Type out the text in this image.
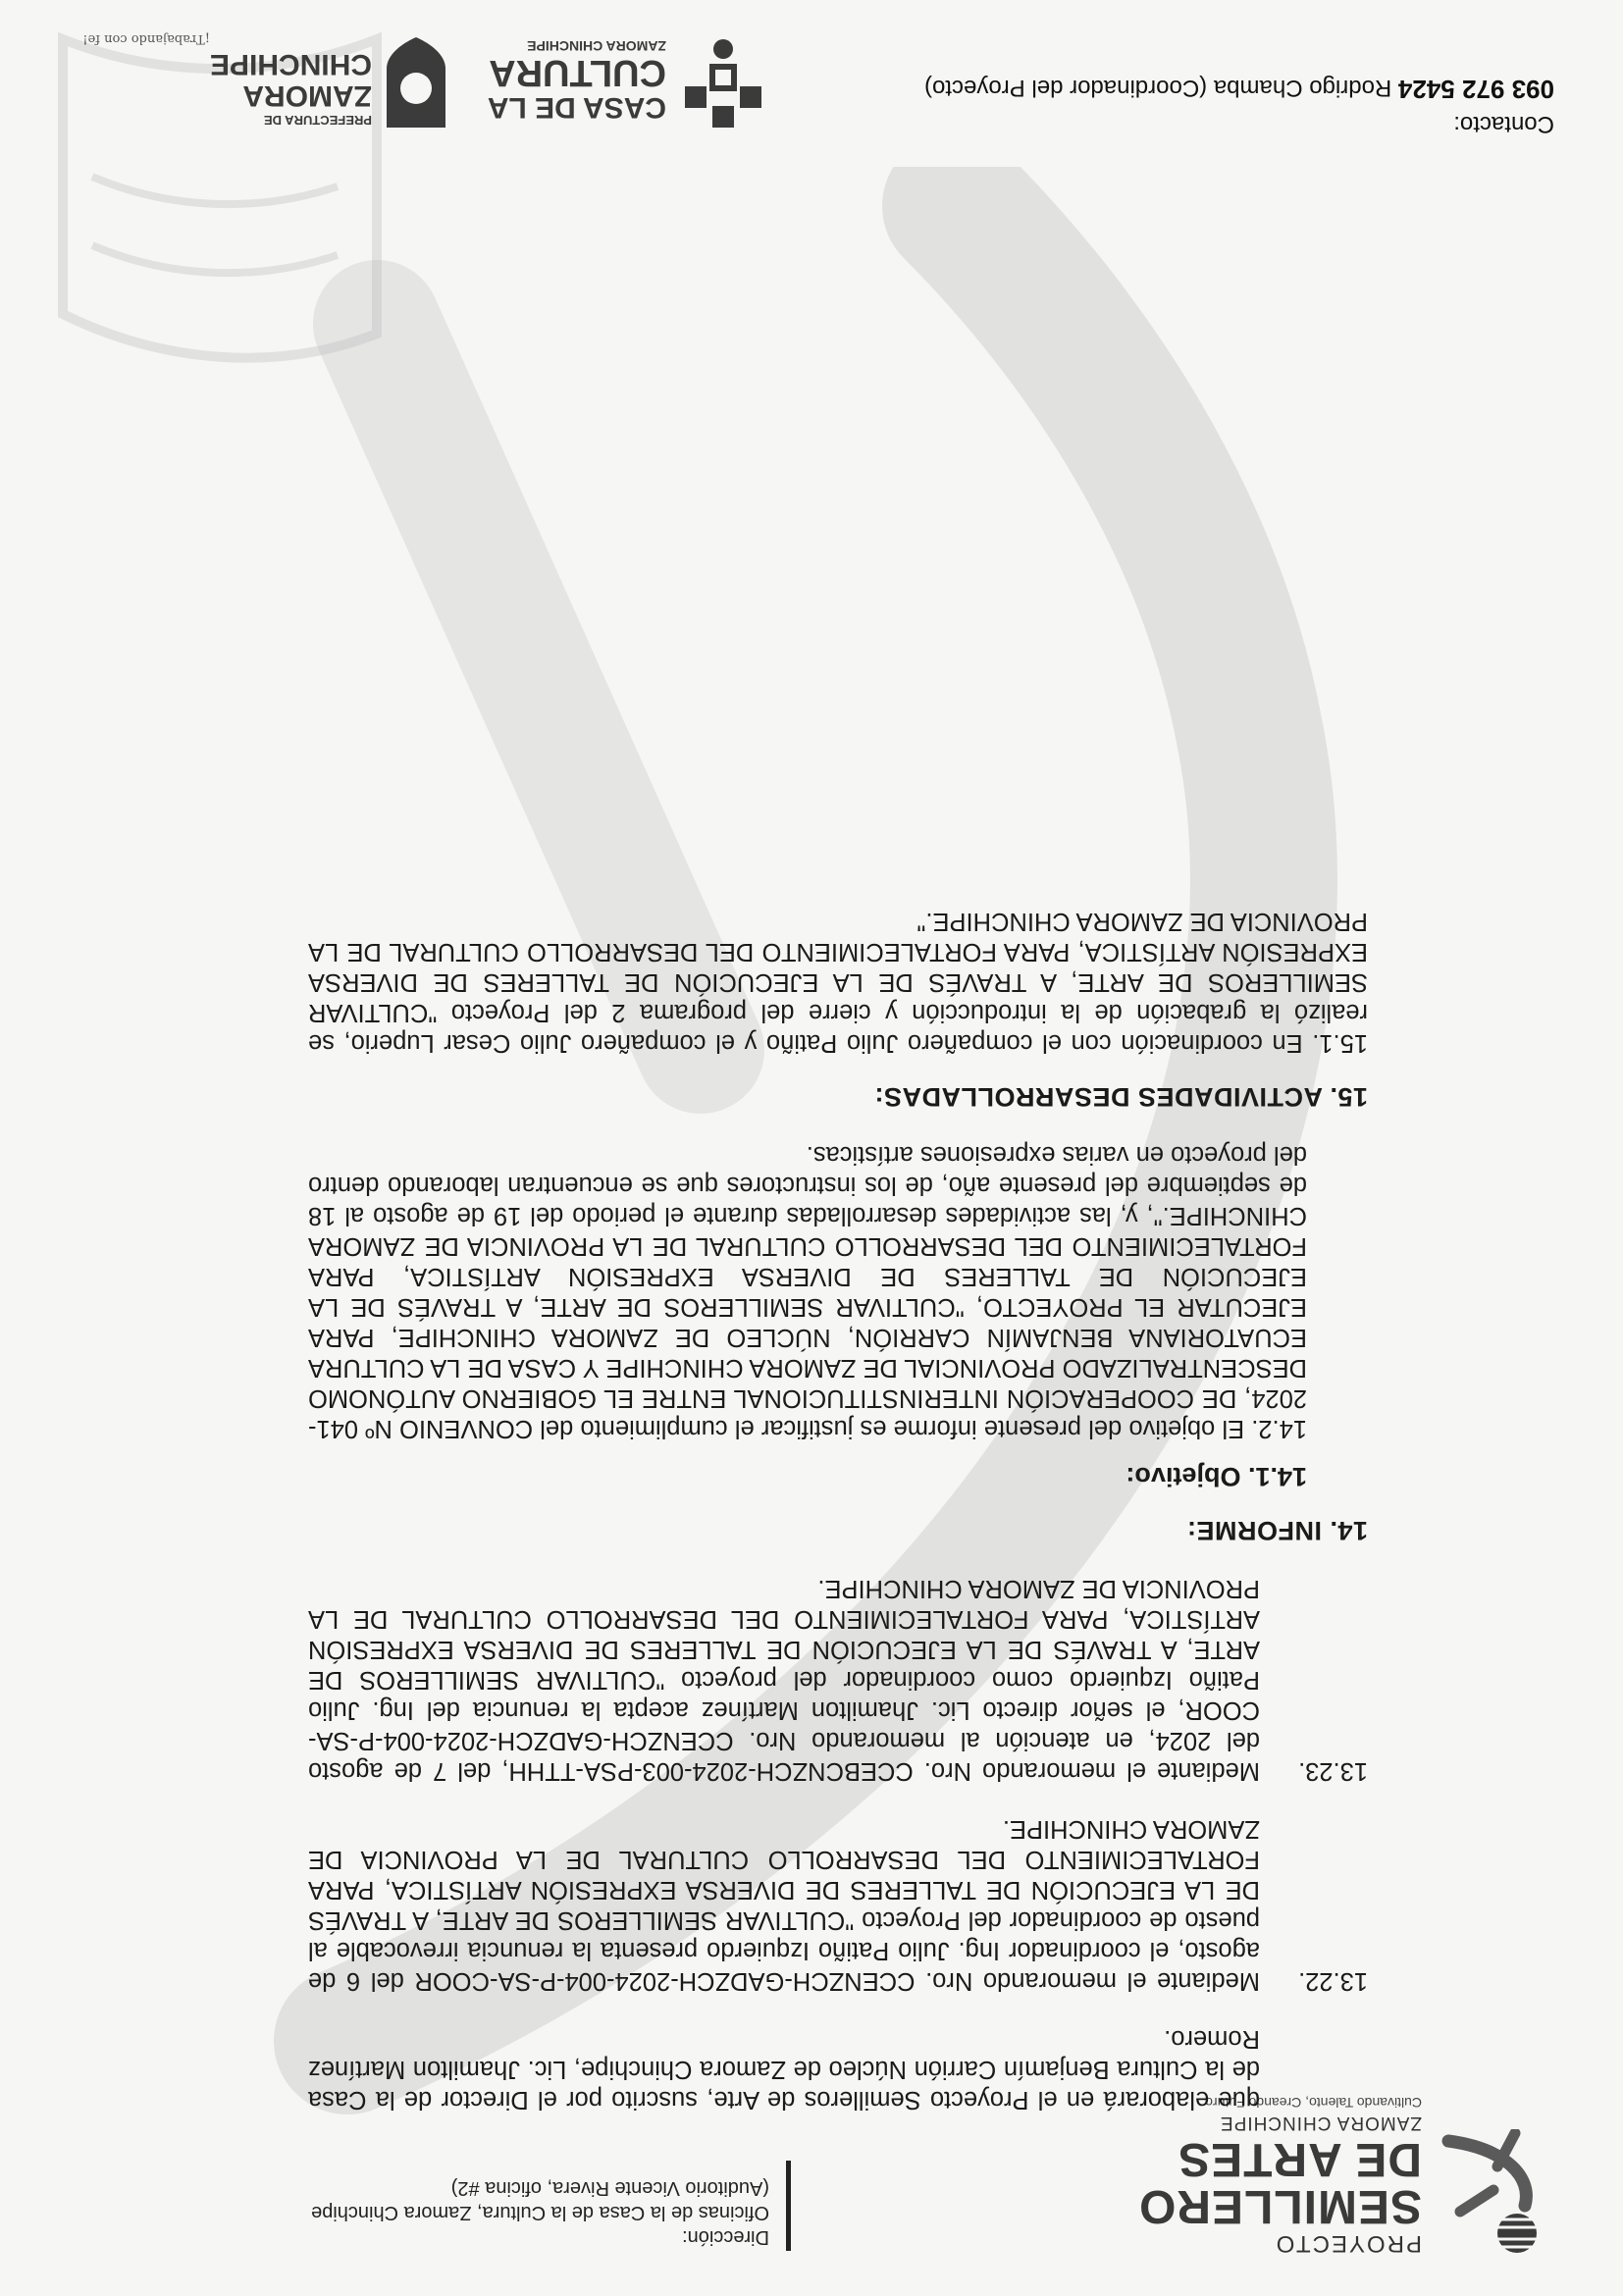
PROYECTO
SEMILLERO
DE ARTES
ZAMORA CHINCHIPE
Cultivando Talento, Creando Futuro
Dirección:
Oficinas de la Casa de la Cultura, Zamora Chinchipe
(Auditorio Vicente Rivera, oficina #2)

que elaborará en el Proyecto Semilleros de Arte, suscrito por el Director de la Casa de la Cultura Benjamín Carrión Núcleo de Zamora Chinchipe, Lic. Jhamilton Martínez Romero.

13.22.
Mediante el memorando Nro. CCENZCH-GADZCH-2024-004-P-SA-COOR del 6 de agosto, el coordinador Ing. Julio Patiño Izquierdo presenta la renuncia irrevocable al puesto de coordinador del Proyecto "CULTIVAR SEMILLEROS DE ARTE, A TRAVÉS DE LA EJECUCIÓN DE TALLERES DE DIVERSA EXPRESIÓN ARTÍSTICA, PARA FORTALECIMIENTO DEL DESARROLLO CULTURAL DE LA PROVINCIA DE ZAMORA CHINCHIPE.
13.23.
Mediante el memorando Nro. CCEBCNZCH-2024-003-PSA-TTHH, del 7 de agosto del 2024, en atención al memorando Nro. CCENZCH-GADZCH-2024-004-P-SA-COOR, el señor directo Lic. Jhamilton Martínez acepta la renuncia del Ing. Julio Patiño Izquierdo como coordinador del proyecto "CULTIVAR SEMILLEROS DE ARTE, A TRAVÉS DE LA EJECUCIÓN DE TALLERES DE DIVERSA EXPRESIÓN ARTÍSTICA, PARA FORTALECIMIENTO DEL DESARROLLO CULTURAL DE LA PROVINCIA DE ZAMORA CHINCHIPE.
14. INFORME:
14.1. Objetivo:

14.2. El objetivo del presente informe es justificar el cumplimiento del CONVENIO Nº 041-2024, DE COOPERACIÓN INTERINSTITUCIONAL ENTRE EL GOBIERNO AUTÓNOMO DESCENTRALIZADO PROVINCIAL DE ZAMORA CHINCHIPE Y CASA DE LA CULTURA ECUATORIANA BENJAMÍN CARRIÓN, NÚCLEO DE ZAMORA CHINCHIPE, PARA EJECUTAR EL PROYECTO, "CULTIVAR SEMILLEROS DE ARTE, A TRAVÉS DE LA EJECUCIÓN DE TALLERES DE DIVERSA EXPRESIÓN ARTÍSTICA, PARA FORTALECIMIENTO DEL DESARROLLO CULTURAL DE LA PROVINCIA DE ZAMORA CHINCHIPE.", y, las actividades desarrolladas durante el periodo del 19 de agosto al 18 de septiembre del presente año, de los instructores que se encuentran laborando dentro del proyecto en varias expresiones artísticas.

15. ACTIVIDADES DESARROLLADAS:

15.1. En coordinación con el compañero Julio Patiño y el compañero Julio Cesar Luperio, se realizó la grabación de la introducción y cierre del programa 2 del Proyecto "CULTIVAR SEMILLEROS DE ARTE, A TRAVÉS DE LA EJECUCIÓN DE TALLERES DE DIVERSA EXPRESIÓN ARTÍSTICA, PARA FORTALECIMIENTO DEL DESARROLLO CULTURAL DE LA PROVINCIA DE ZAMORA CHINCHIPE."

Contacto:
093 972 5424 Rodrigo Chamba (Coordinador del Proyecto)
CASA DE LA
CULTURA
ZAMORA CHINCHIPE
PREFECTURA DE
ZAMORA
CHINCHIPE
¡Trabajando con fe!
